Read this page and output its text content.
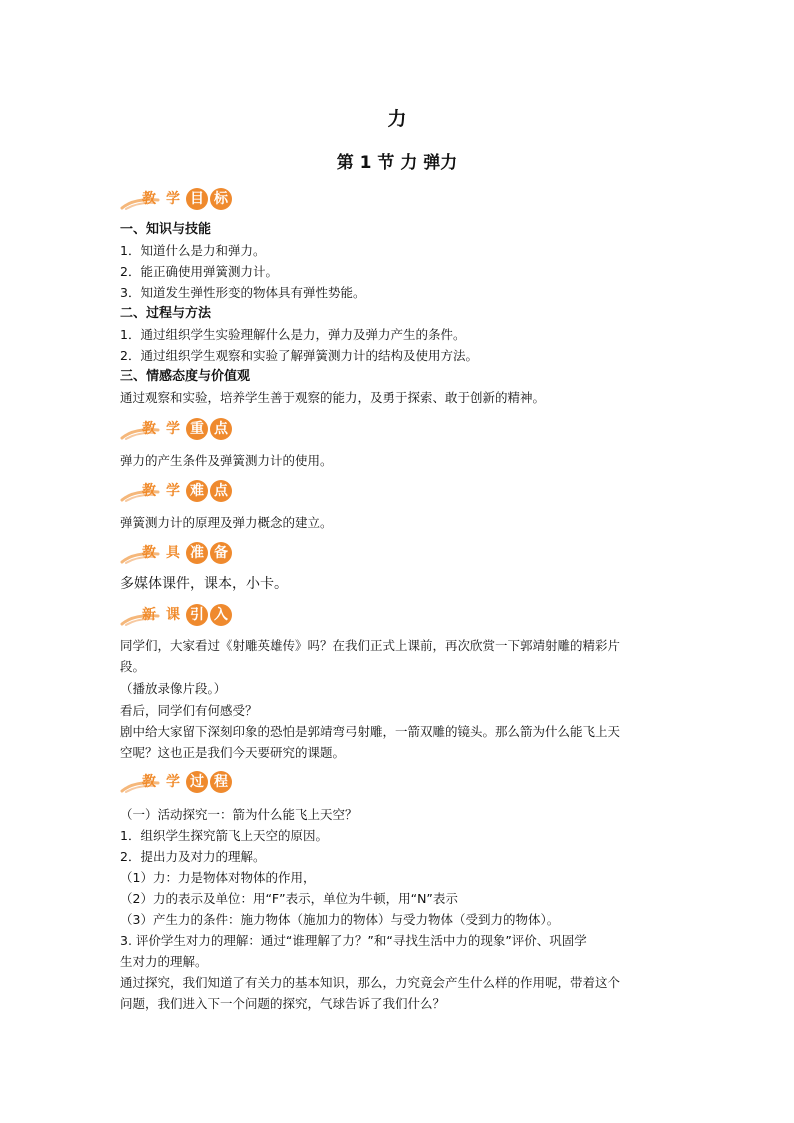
力
第 1 节 力 弹力
教 学 目 标
一、知识与技能
1．知道什么是力和弹力。
2．能正确使用弹簧测力计。
3．知道发生弹性形变的物体具有弹性势能。
二、过程与方法
1．通过组织学生实验理解什么是力，弹力及弹力产生的条件。
2．通过组织学生观察和实验了解弹簧测力计的结构及使用方法。
三、情感态度与价值观
通过观察和实验，培养学生善于观察的能力，及勇于探索、敢于创新的精神。
教 学 重 点
弹力的产生条件及弹簧测力计的使用。
教 学 难 点
弹簧测力计的原理及弹力概念的建立。
教 具 准 备
多媒体课件，课本，小卡。
新 课 引 入
同学们，大家看过《射雕英雄传》吗？在我们正式上课前，再次欣赏一下郭靖射雕的精彩片
段。
（播放录像片段。）
看后，同学们有何感受？
剧中给大家留下深刻印象的恐怕是郭靖弯弓射雕，一箭双雕的镜头。那么箭为什么能飞上天
空呢？这也正是我们今天要研究的课题。
教 学 过 程
（一）活动探究一：箭为什么能飞上天空？
1．组织学生探究箭飞上天空的原因。
2．提出力及对力的理解。
（1）力：力是物体对物体的作用，
（2）力的表示及单位：用“F”表示，单位为牛顿，用“N”表示
（3）产生力的条件：施力物体（施加力的物体）与受力物体（受到力的物体）。
3. 评价学生对力的理解：通过“谁理解了力？”和“寻找生活中力的现象”评价、巩固学
生对力的理解。
通过探究，我们知道了有关力的基本知识，那么，力究竟会产生什么样的作用呢，带着这个
问题，我们进入下一个问题的探究，气球告诉了我们什么？
